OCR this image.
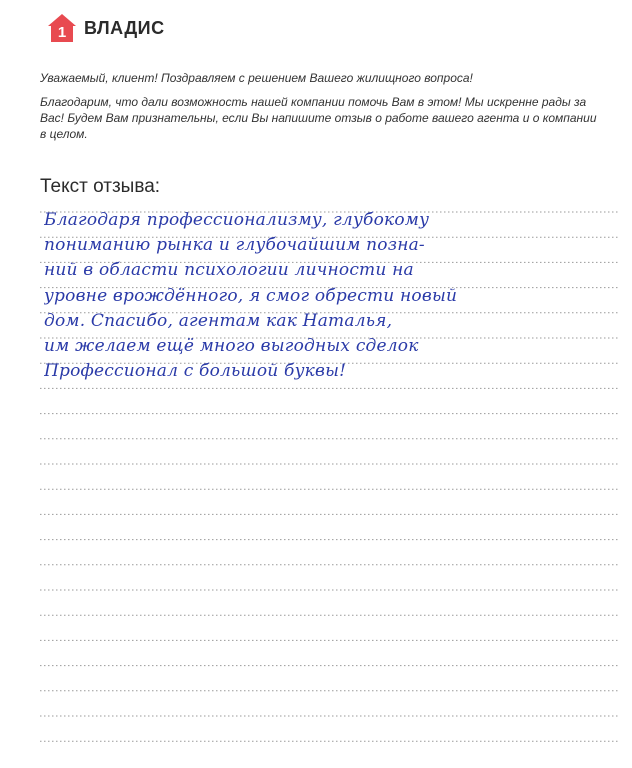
1 ВЛАДИС

Уважаемый, клиент! Поздравляем с решением Вашего жилищного вопроса!

Благодарим, что дали возможность нашей компании помочь Вам в этом! Мы искренне рады за Вас! Будем Вам признательны, если Вы напишите отзыв о работе вашего агента и о компании в целом.

Текст отзыва:
Благодаря профессионализму, глубокому
пониманию рынка и глубочайшим позна-
ний в области психологии личности на
уровне врождённого, я смог обрести новый
дом. Спасибо, агентам как Наталья,
им желаем ещё много выгодных сделок
Профессионал с большой буквы!
